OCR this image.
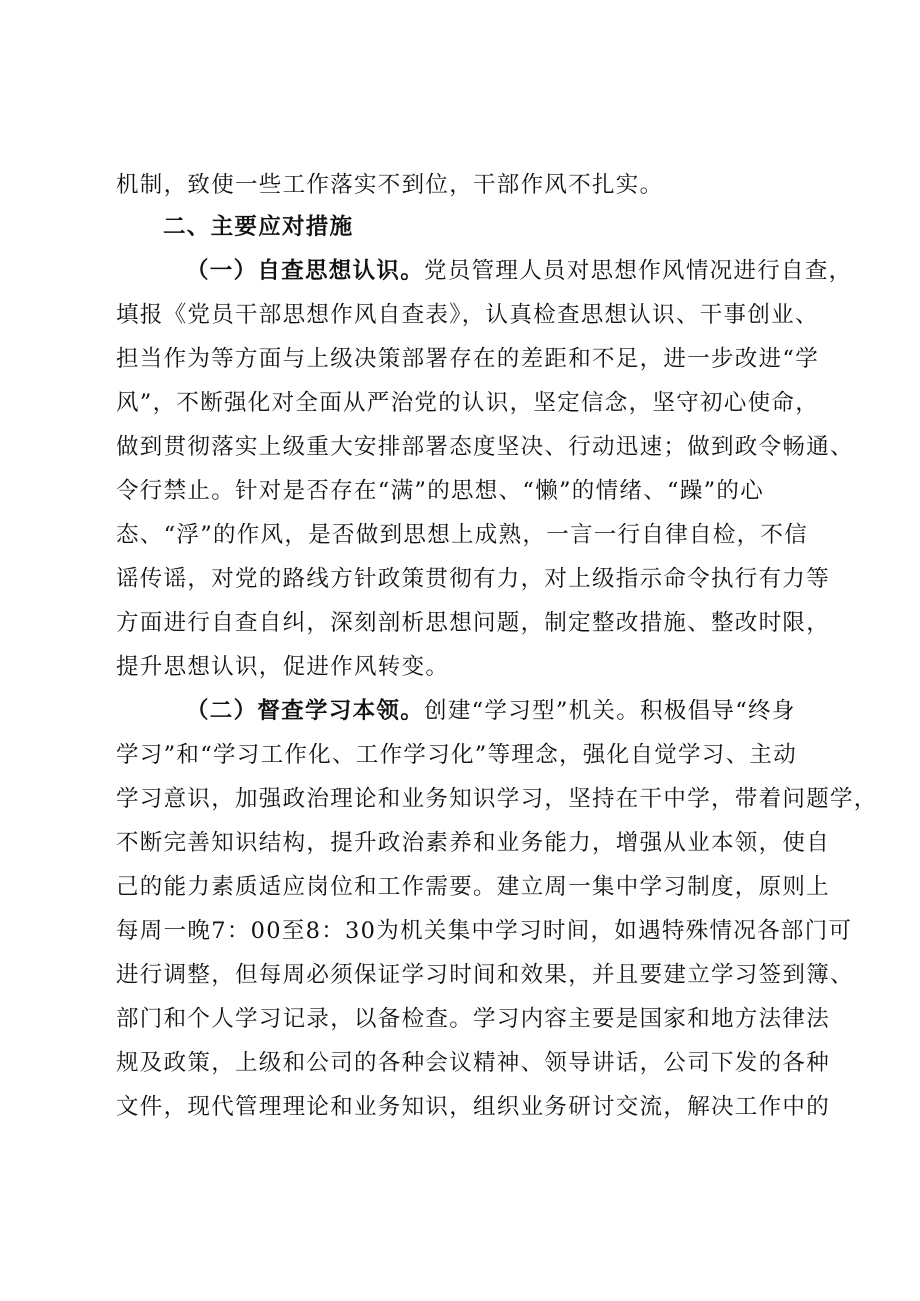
机制，致使一些工作落实不到位，干部作风不扎实。
二、主要应对措施
（一）自查思想认识。党员管理人员对思想作风情况进行自查，
填报《党员干部思想作风自查表》，认真检查思想认识、干事创业、
担当作为等方面与上级决策部署存在的差距和不足，进一步改进“学
风”，不断强化对全面从严治党的认识，坚定信念，坚守初心使命，
做到贯彻落实上级重大安排部署态度坚决、行动迅速；做到政令畅通、
令行禁止。针对是否存在“满”的思想、“懒”的情绪、“躁”的心
态、“浮”的作风，是否做到思想上成熟，一言一行自律自检，不信
谣传谣，对党的路线方针政策贯彻有力，对上级指示命令执行有力等
方面进行自查自纠，深刻剖析思想问题，制定整改措施、整改时限，
提升思想认识，促进作风转变。
（二）督查学习本领。创建“学习型”机关。积极倡导“终身
学习”和“学习工作化、工作学习化”等理念，强化自觉学习、主动
学习意识，加强政治理论和业务知识学习，坚持在干中学，带着问题学，
不断完善知识结构，提升政治素养和业务能力，增强从业本领，使自
己的能力素质适应岗位和工作需要。建立周一集中学习制度，原则上
每周一晚7：00至8：30为机关集中学习时间，如遇特殊情况各部门可
进行调整，但每周必须保证学习时间和效果，并且要建立学习签到簿、
部门和个人学习记录，以备检查。学习内容主要是国家和地方法律法
规及政策，上级和公司的各种会议精神、领导讲话，公司下发的各种
文件，现代管理理论和业务知识，组织业务研讨交流，解决工作中的
